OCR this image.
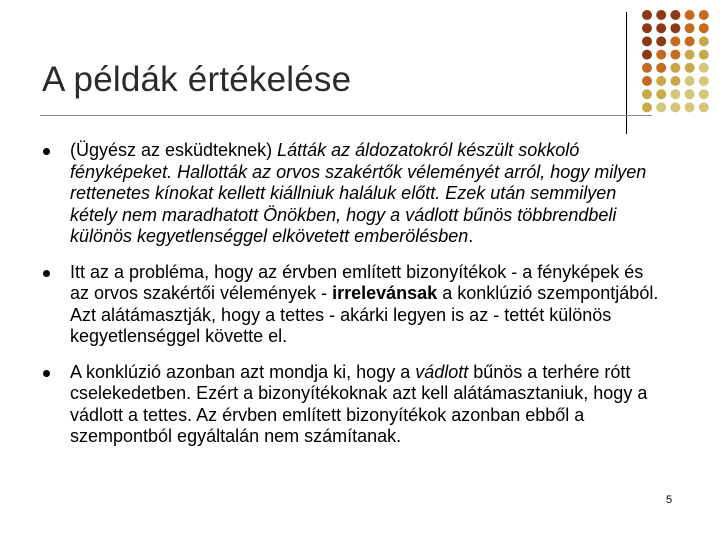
A példák értékelése
(Ügyész az esküdteknek) Látták az áldozatokról készült sokkoló fényképeket. Hallották az orvos szakértők véleményét arról, hogy milyen rettenetes kínokat kellett kiállniuk haláluk előtt. Ezek után semmilyen kétely nem maradhatott Önökben, hogy a vádlott bűnös többrendbeli különös kegyetlenséggel elkövetett emberölésben.
Itt az a probléma, hogy az érvben említett bizonyítékok - a fényképek és az orvos szakértői vélemények - irrelevánsak a konklúzió szempontjából. Azt alátámasztják, hogy a tettes - akárki legyen is az - tettét különös kegyetlenséggel követte el.
A konklúzió azonban azt mondja ki, hogy a vádlott bűnös a terhére rótt cselekedetben. Ezért a bizonyítékoknak azt kell alátámasztaniuk, hogy a vádlott a tettes. Az érvben említett bizonyítékok azonban ebből a szempontból egyáltalán nem számítanak.
5
